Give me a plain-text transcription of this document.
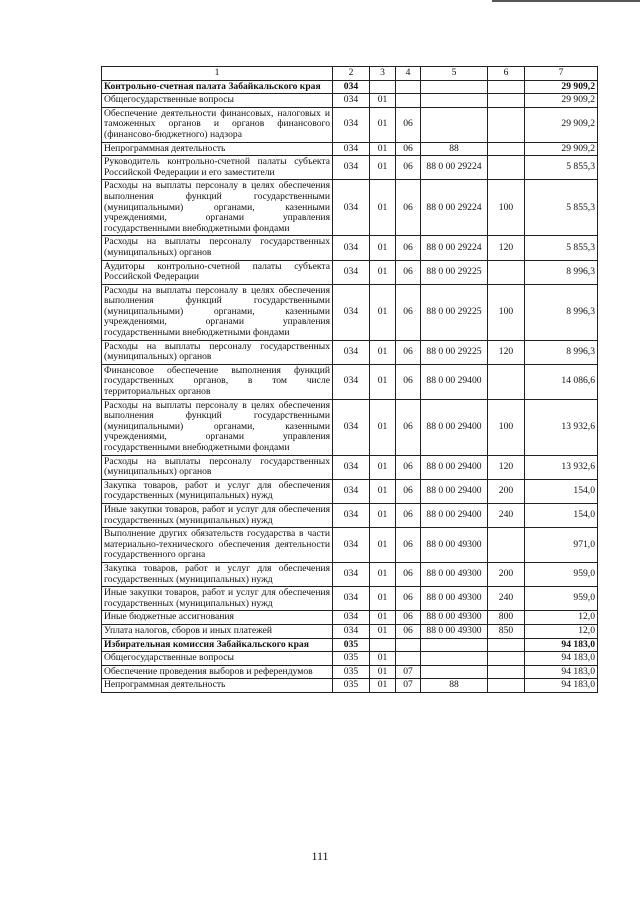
1	2	3	4	5	6	7
Контрольно-счетная палата Забайкальского края	034					29 909,2
Общегосударственные вопросы	034	01				29 909,2
Обеспечение деятельности финансовых, налоговых и таможенных органов и органов финансового (финансово-бюджетного) надзора	034	01	06			29 909,2
Непрограммная деятельность	034	01	06	88		29 909,2
Руководитель контрольно-счетной палаты субъекта Российской Федерации и его заместители	034	01	06	88 0 00 29224		5 855,3
Расходы на выплаты персоналу в целях обеспечения выполнения функций государственными (муниципальными) органами, казенными учреждениями, органами управления государственными внебюджетными фондами	034	01	06	88 0 00 29224	100	5 855,3
Расходы на выплаты персоналу государственных (муниципальных) органов	034	01	06	88 0 00 29224	120	5 855,3
Аудиторы контрольно-счетной палаты субъекта Российской Федерации	034	01	06	88 0 00 29225		8 996,3
Расходы на выплаты персоналу в целях обеспечения выполнения функций государственными (муниципальными) органами, казенными учреждениями, органами управления государственными внебюджетными фондами	034	01	06	88 0 00 29225	100	8 996,3
Расходы на выплаты персоналу государственных (муниципальных) органов	034	01	06	88 0 00 29225	120	8 996,3
Финансовое обеспечение выполнения функций государственных органов, в том числе территориальных органов	034	01	06	88 0 00 29400		14 086,6
Расходы на выплаты персоналу в целях обеспечения выполнения функций государственными (муниципальными) органами, казенными учреждениями, органами управления государственными внебюджетными фондами	034	01	06	88 0 00 29400	100	13 932,6
Расходы на выплаты персоналу государственных (муниципальных) органов	034	01	06	88 0 00 29400	120	13 932,6
Закупка товаров, работ и услуг для обеспечения государственных (муниципальных) нужд	034	01	06	88 0 00 29400	200	154,0
Иные закупки товаров, работ и услуг для обеспечения государственных (муниципальных) нужд	034	01	06	88 0 00 29400	240	154,0
Выполнение других обязательств государства в части материально-технического обеспечения деятельности государственного органа	034	01	06	88 0 00 49300		971,0
Закупка товаров, работ и услуг для обеспечения государственных (муниципальных) нужд	034	01	06	88 0 00 49300	200	959,0
Иные закупки товаров, работ и услуг для обеспечения государственных (муниципальных) нужд	034	01	06	88 0 00 49300	240	959,0
Иные бюджетные ассигнования	034	01	06	88 0 00 49300	800	12,0
Уплата налогов, сборов и иных платежей	034	01	06	88 0 00 49300	850	12,0
Избирательная комиссия Забайкальского края	035					94 183,0
Общегосударственные вопросы	035	01				94 183,0
Обеспечение проведения выборов и референдумов	035	01	07			94 183,0
Непрограммная деятельность	035	01	07	88		94 183,0
111
